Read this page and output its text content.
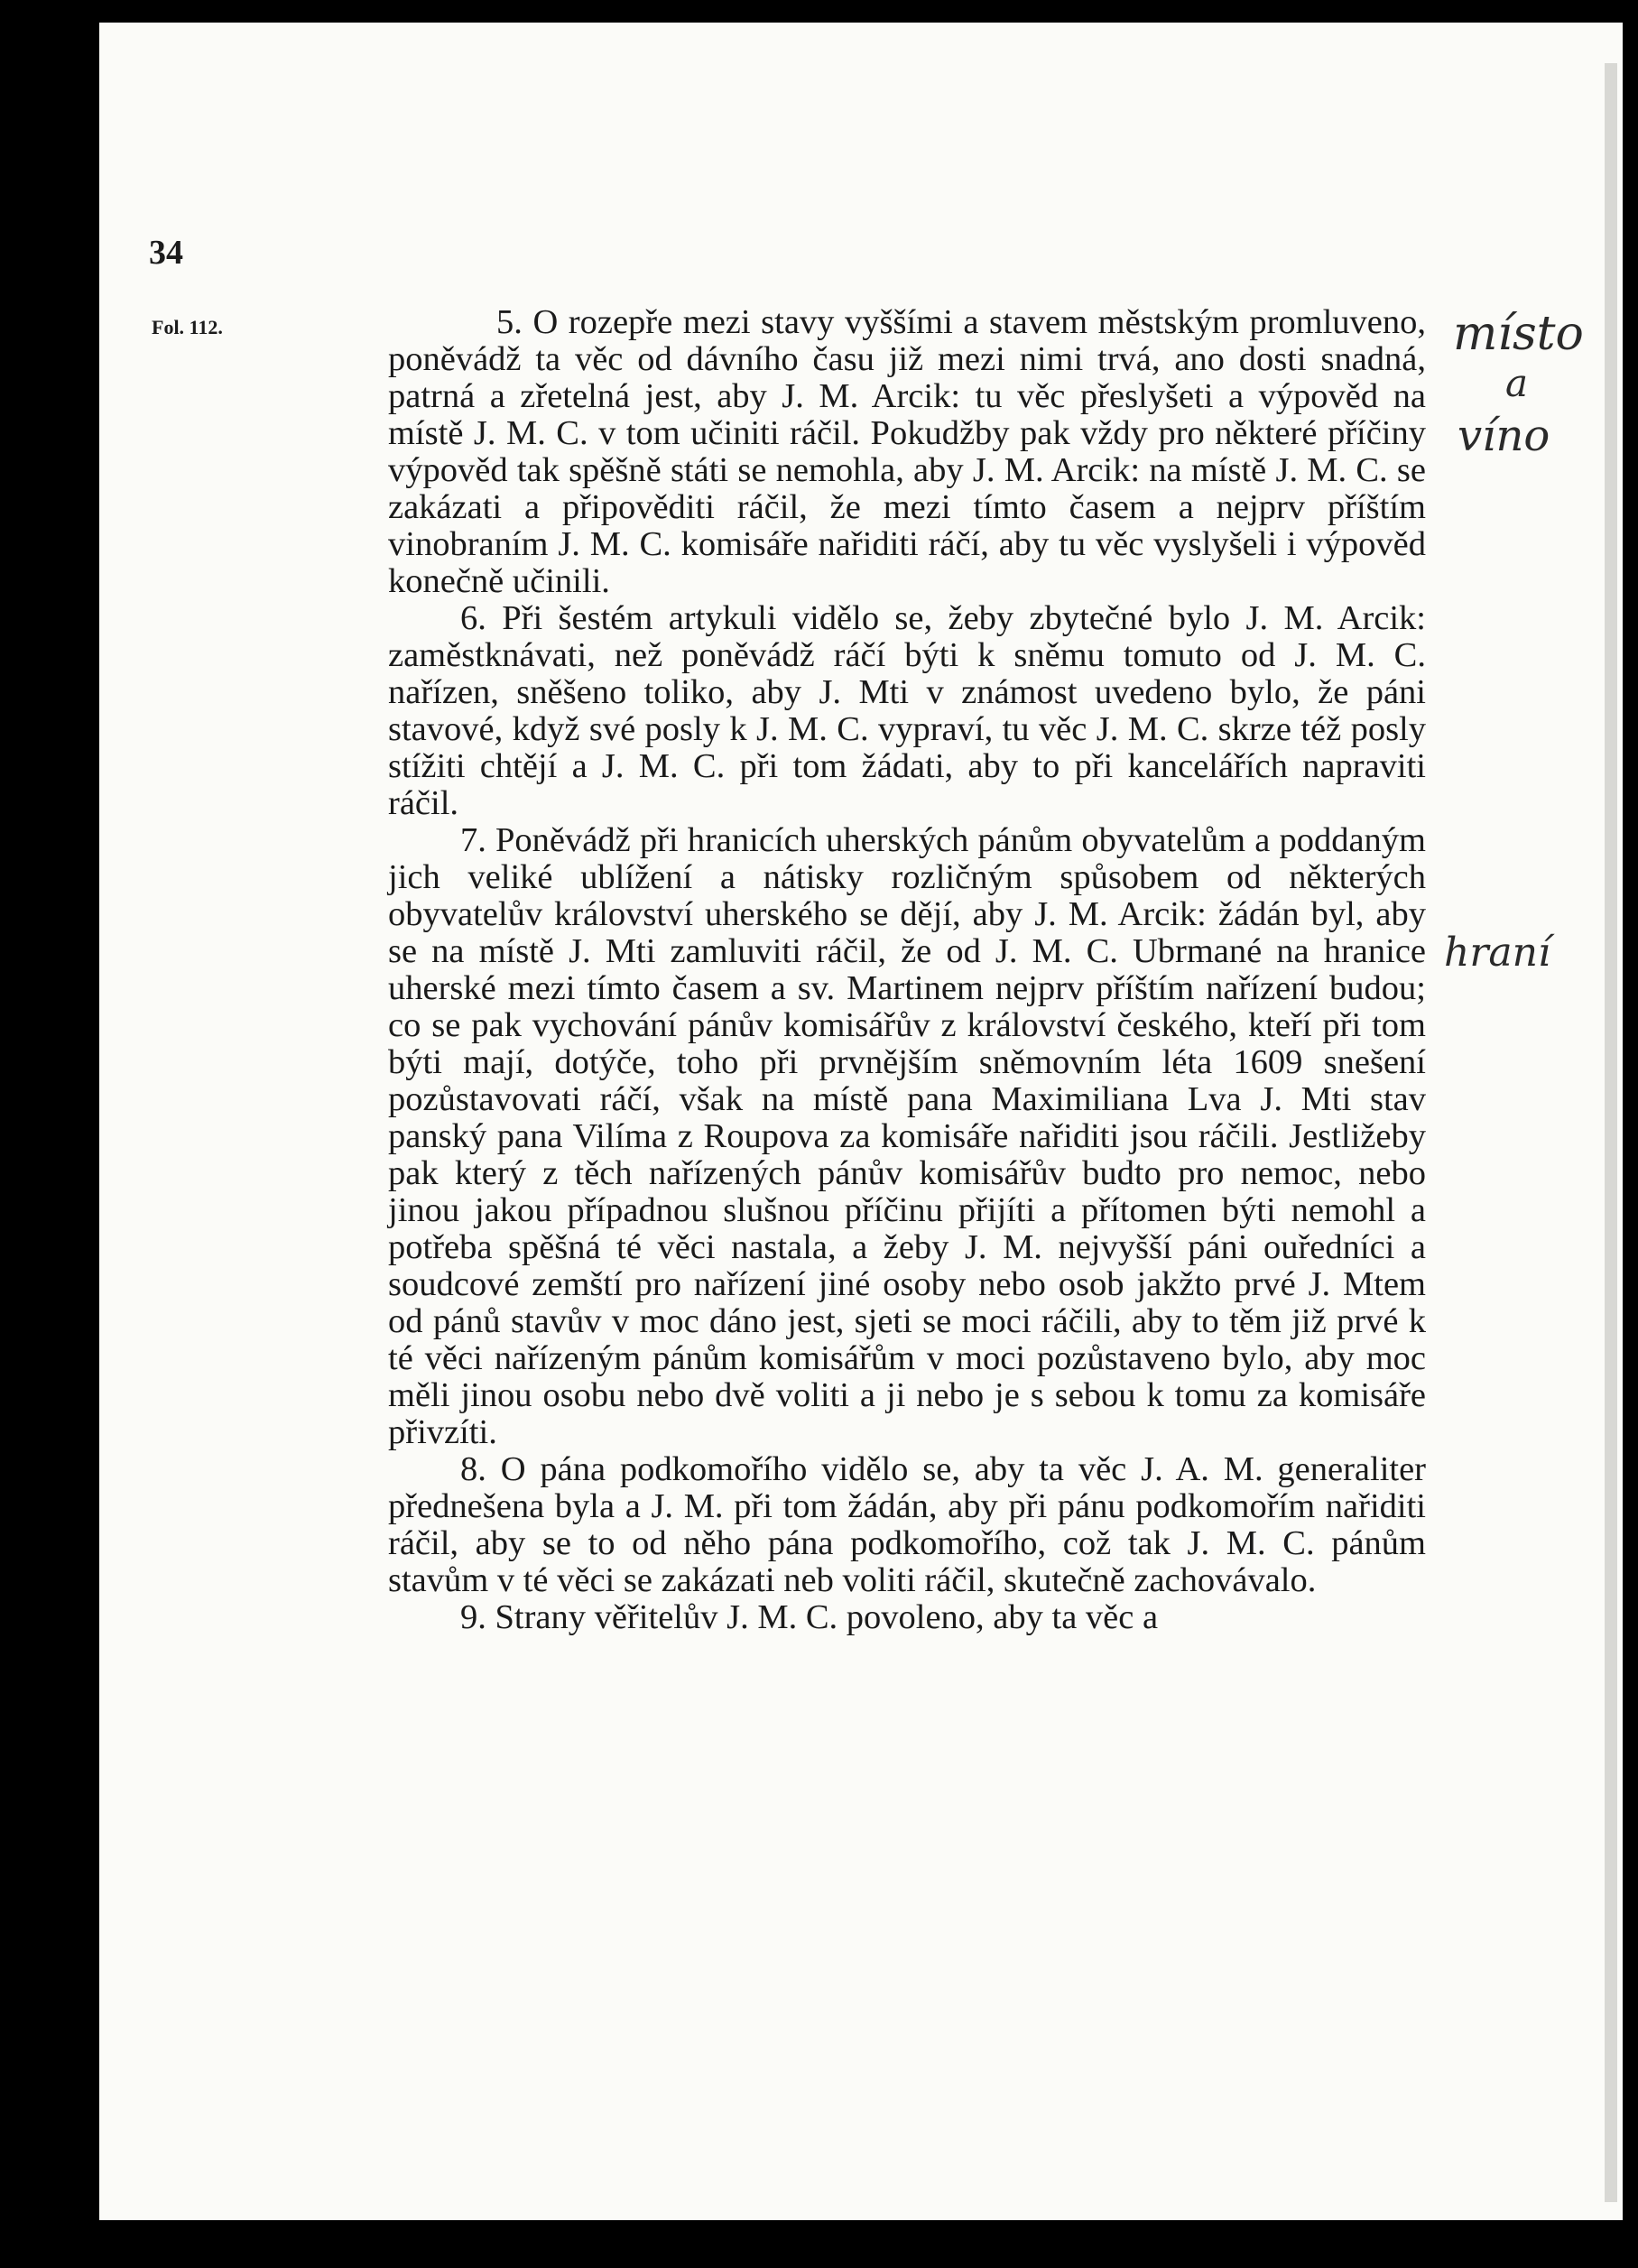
34
Fol. 112.	5. O rozepře mezi stavy vyššími a stavem městským promluveno, poněvádž ta věc od dávního času již mezi nimi trvá, ano dosti snadná, patrná a zřetelná jest, aby J. M. Arcik: tu věc přeslyšeti a výpověd na místě J. M. C. v tom učiniti ráčil. Pokudžby pak vždy pro některé příčiny výpověd tak spěšně státi se nemohla, aby J. M. Arcik: na místě J. M. C. se zakázati a připověditi ráčil, že mezi tímto časem a nejprv příštím vinobraním J. M. C. komisáře nařiditi ráčí, aby tu věc vyslyšeli i výpověd konečně učinili.

6. Při šestém artykuli vidělo se, žeby zbytečné bylo J. M. Arcik: zaměstknávati, než poněvádž ráčí býti k sněmu tomuto od J. M. C. nařízen, sněšeno toliko, aby J. Mti v známost uvedeno bylo, že páni stavové, když své posly k J. M. C. vypraví, tu věc J. M. C. skrze též posly stížiti chtějí a J. M. C. při tom žádati, aby to při kancelářích napraviti ráčil.

7. Poněvádž při hranicích uherských pánům obyvatelům a poddaným jich veliké ublížení a nátisky rozličným spůsobem od některých obyvatelův království uherského se dějí, aby J. M. Arcik: žádán byl, aby se na místě J. Mti zamluviti ráčil, že od J. M. C. Ubrmané na hranice uherské mezi tímto časem a sv. Martinem nejprv příštím nařízení budou; co se pak vychování pánův komisářův z království českého, kteří při tom býti mají, dotýče, toho při prvnějším sněmovním léta 1609 snešení pozůstavovati ráčí, však na místě pana Maximiliana Lva J. Mti stav panský pana Vilíma z Roupova za komisáře nařiditi jsou ráčili. Jestližeby pak který z těch nařízených pánův komisářův budto pro nemoc, nebo jinou jakou případnou slušnou příčinu přijíti a přítomen býti nemohl a potřeba spěšná té věci nastala, a žeby J. M. nejvyšší páni ouředníci a soudcové zemští pro nařízení jiné osoby nebo osob jakžto prvé J. Mtem od pánů stavův v moc dáno jest, sjeti se moci ráčili, aby to těm již prvé k té věci nařízeným pánům komisářům v moci pozůstaveno bylo, aby moc měli jinou osobu nebo dvě voliti a ji nebo je s sebou k tomu za komisáře přivzíti.

8. O pána podkomořího vidělo se, aby ta věc J. A. M. generaliter přednešena byla a J. M. při tom žádán, aby při pánu podkomořím nařiditi ráčil, aby se to od něho pána podkomořího, což tak J. M. C. pánům stavům v té věci se zakázati neb voliti ráčil, skutečně zachovávalo.

9. Strany věřitelův J. M. C. povoleno, aby ta věc a

místo
a
víno
hraní
